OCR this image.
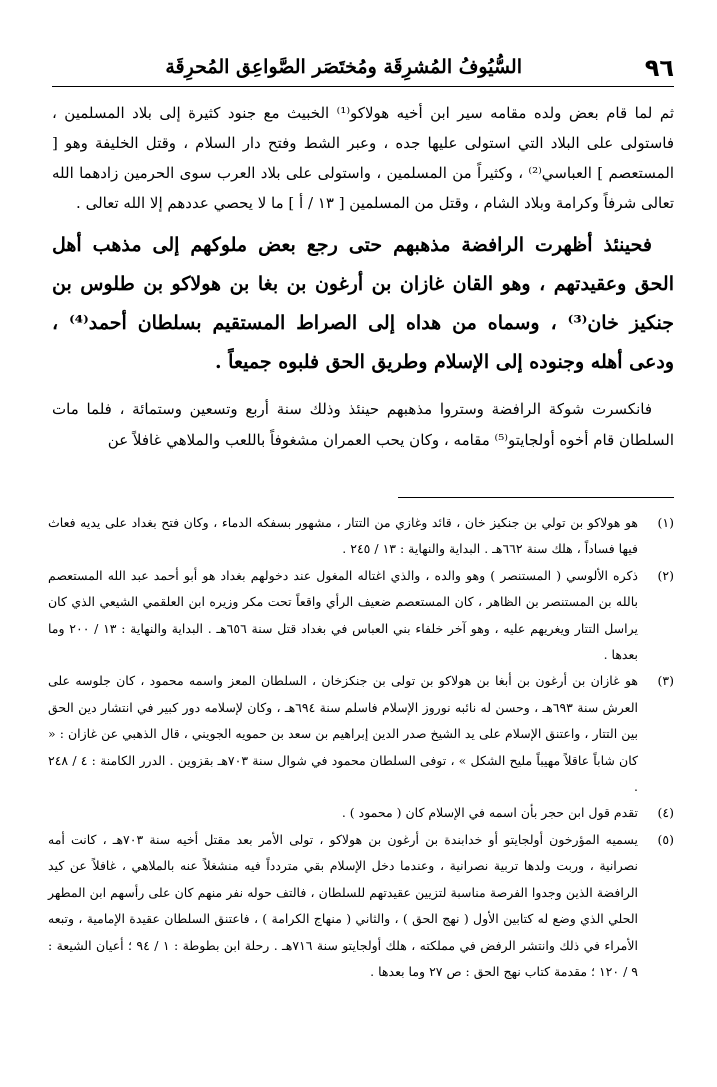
٩٦
السُّيُوفُ المُشرِقَة ومُختَصَر الصَّواعِق المُحرِقَة

ثم لما قام بعض ولده مقامه سير ابن أخيه هولاكو⁽¹⁾ الخبيث مع جنود كثيرة إلى بلاد المسلمين ، فاستولى على البلاد التي استولى عليها جده ، وعبر الشط وفتح دار السلام ، وقتل الخليفة وهو [ المستعصم ] العباسي⁽²⁾ ، وكثيراً من المسلمين ، واستولى على بلاد العرب سوى الحرمين زادهما الله تعالى شرفاً وكرامة وبلاد الشام ، وقتل من المسلمين [ ١٣ / أ ] ما لا يحصي عددهم إلا الله تعالى .

فحينئذ أظهرت الرافضة مذهبهم حتى رجع بعض ملوكهم إلى مذهب أهل الحق وعقيدتهم ، وهو القان غازان بن أرغون بن بغا بن هولاكو بن طلوس بن جنكيز خان⁽³⁾ ، وسماه من هداه إلى الصراط المستقيم بسلطان أحمد⁽⁴⁾ ، ودعى أهله وجنوده إلى الإسلام وطريق الحق فلبوه جميعاً .

فانكسرت شوكة الرافضة وستروا مذهبهم حينئذ وذلك سنة أربع وتسعين وستمائة ، فلما مات السلطان قام أخوه أولجايتو⁽⁵⁾ مقامه ، وكان يحب العمران مشغوفاً باللعب والملاهي غافلاً عن

(١)
هو هولاكو بن تولي بن جنكيز خان ، قائد وغازي من التتار ، مشهور بسفكه الدماء ، وكان فتح بغداد على يديه فعاث فيها فساداً ، هلك سنة ٦٦٢هـ . البداية والنهاية : ١٣ / ٢٤٥ .
(٢)
ذكره الألوسي ( المستنصر ) وهو والده ، والذي اغتاله المغول عند دخولهم بغداد هو أبو أحمد عبد الله المستعصم بالله بن المستنصر بن الظاهر ، كان المستعصم ضعيف الرأي واقعاً تحت مكر وزيره ابن العلقمي الشيعي الذي كان يراسل التتار ويغريهم عليه ، وهو آخر خلفاء بني العباس في بغداد قتل سنة ٦٥٦هـ . البداية والنهاية : ١٣ / ٢٠٠ وما بعدها .
(٣)
هو غازان بن أرغون بن أبغا بن هولاكو بن تولى بن جنكزخان ، السلطان المعز واسمه محمود ، كان جلوسه على العرش سنة ٦٩٣هـ ، وحسن له نائبه نوروز الإسلام فاسلم سنة ٦٩٤هـ ، وكان لإسلامه دور كبير في انتشار دين الحق بين التتار ، واعتنق الإسلام على يد الشيخ صدر الدين إبراهيم بن سعد بن حمويه الجويني ، قال الذهبي عن غازان : « كان شاباً عاقلاً مهيباً مليح الشكل » ، توفى السلطان محمود في شوال سنة ٧٠٣هـ بقزوين . الدرر الكامنة : ٤ / ٢٤٨ .
(٤)
تقدم قول ابن حجر بأن اسمه في الإسلام كان ( محمود ) .
(٥)
يسميه المؤرخون أولجايتو أو خدابندة بن أرغون بن هولاكو ، تولى الأمر بعد مقتل أخيه سنة ٧٠٣هـ ، كانت أمه نصرانية ، وربت ولدها تربية نصرانية ، وعندما دخل الإسلام بقي متردداً فيه منشغلاً عنه بالملاهي ، غافلاً عن كيد الرافضة الذين وجدوا الفرصة مناسبة لتزيين عقيدتهم للسلطان ، فالتف حوله نفر منهم كان على رأسهم ابن المطهر الحلي الذي وضع له كتابين الأول ( نهج الحق ) ، والثاني ( منهاج الكرامة ) ، فاعتنق السلطان عقيدة الإمامية ، وتبعه الأمراء في ذلك وانتشر الرفض في مملكته ، هلك أولجايتو سنة ٧١٦هـ . رحلة ابن بطوطة : ١ / ٩٤ ؛ أعيان الشيعة : ٩ / ١٢٠ ؛ مقدمة كتاب نهج الحق : ص ٢٧ وما بعدها .
